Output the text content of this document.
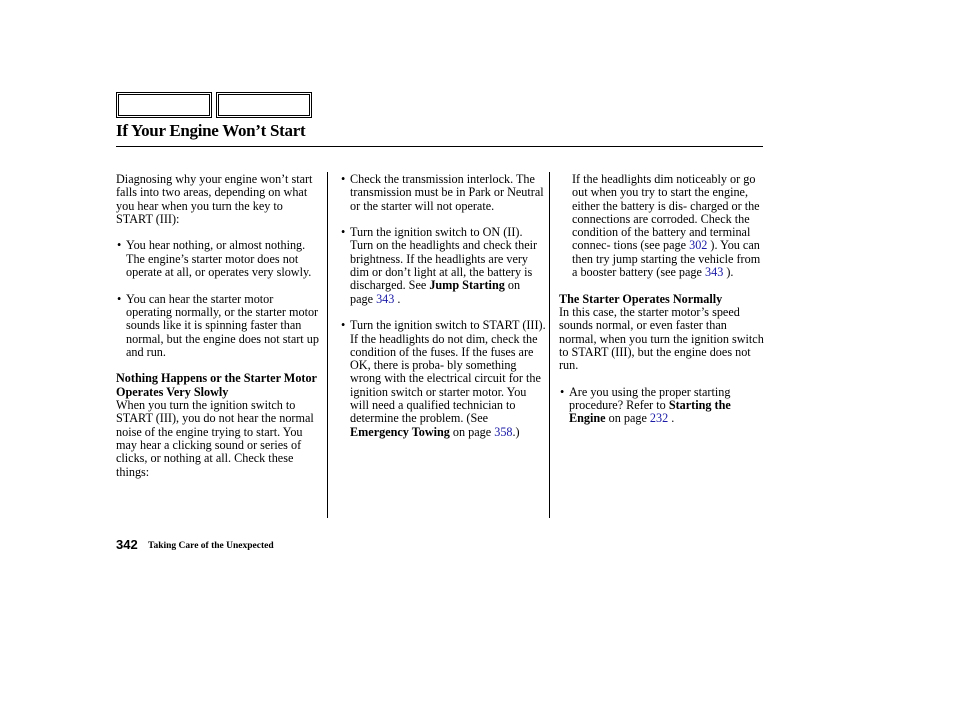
If Your Engine Won’t Start

Diagnosing why your engine won’t start falls into two areas, depending on what you hear when you turn the key to START (III):

• You hear nothing, or almost nothing. The engine’s starter motor does not operate at all, or operates very slowly.
• You can hear the starter motor operating normally, or the starter motor sounds like it is spinning faster than normal, but the engine does not start up and run.

Nothing Happens or the Starter Motor Operates Very Slowly

When you turn the ignition switch to START (III), you do not hear the normal noise of the engine trying to start. You may hear a clicking sound or series of clicks, or nothing at all. Check these things:

• Check the transmission interlock. The transmission must be in Park or Neutral or the starter will not operate.
• Turn the ignition switch to ON (II). Turn on the headlights and check their brightness. If the headlights are very dim or don’t light at all, the battery is discharged. See Jump Starting on page 343 .
• Turn the ignition switch to START (III). If the headlights do not dim, check the condition of the fuses. If the fuses are OK, there is proba- bly something wrong with the electrical circuit for the ignition switch or starter motor. You will need a qualified technician to determine the problem. (See Emergency Towing on page 358.)

If the headlights dim noticeably or go out when you try to start the engine, either the battery is dis- charged or the connections are corroded. Check the condition of the battery and terminal connec- tions (see page 302 ). You can then try jump starting the vehicle from a booster battery (see page 343 ).

The Starter Operates Normally

In this case, the starter motor’s speed sounds normal, or even faster than normal, when you turn the ignition switch to START (III), but the engine does not run.

• Are you using the proper starting procedure? Refer to Starting the Engine on page 232 .
342 Taking Care of the Unexpected
